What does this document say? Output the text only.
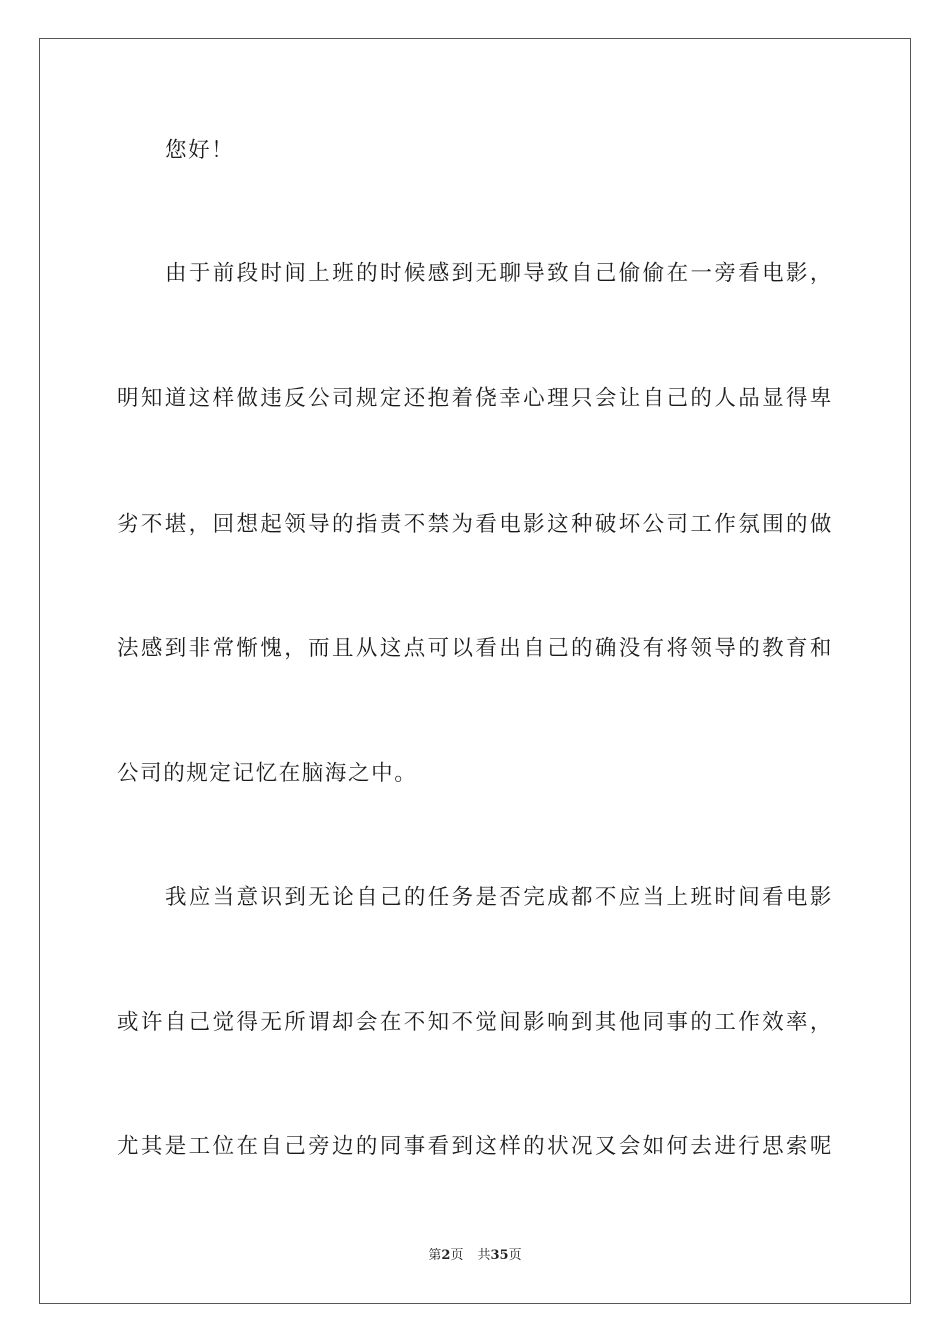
您好！
由于前段时间上班的时候感到无聊导致自己偷偷在一旁看电影，
明知道这样做违反公司规定还抱着侥幸心理只会让自己的人品显得卑
劣不堪，回想起领导的指责不禁为看电影这种破坏公司工作氛围的做
法感到非常惭愧，而且从这点可以看出自己的确没有将领导的教育和
公司的规定记忆在脑海之中。
我应当意识到无论自己的任务是否完成都不应当上班时间看电影
或许自己觉得无所谓却会在不知不觉间影响到其他同事的工作效率，
尤其是工位在自己旁边的同事看到这样的状况又会如何去进行思索呢
第2页 共35页
